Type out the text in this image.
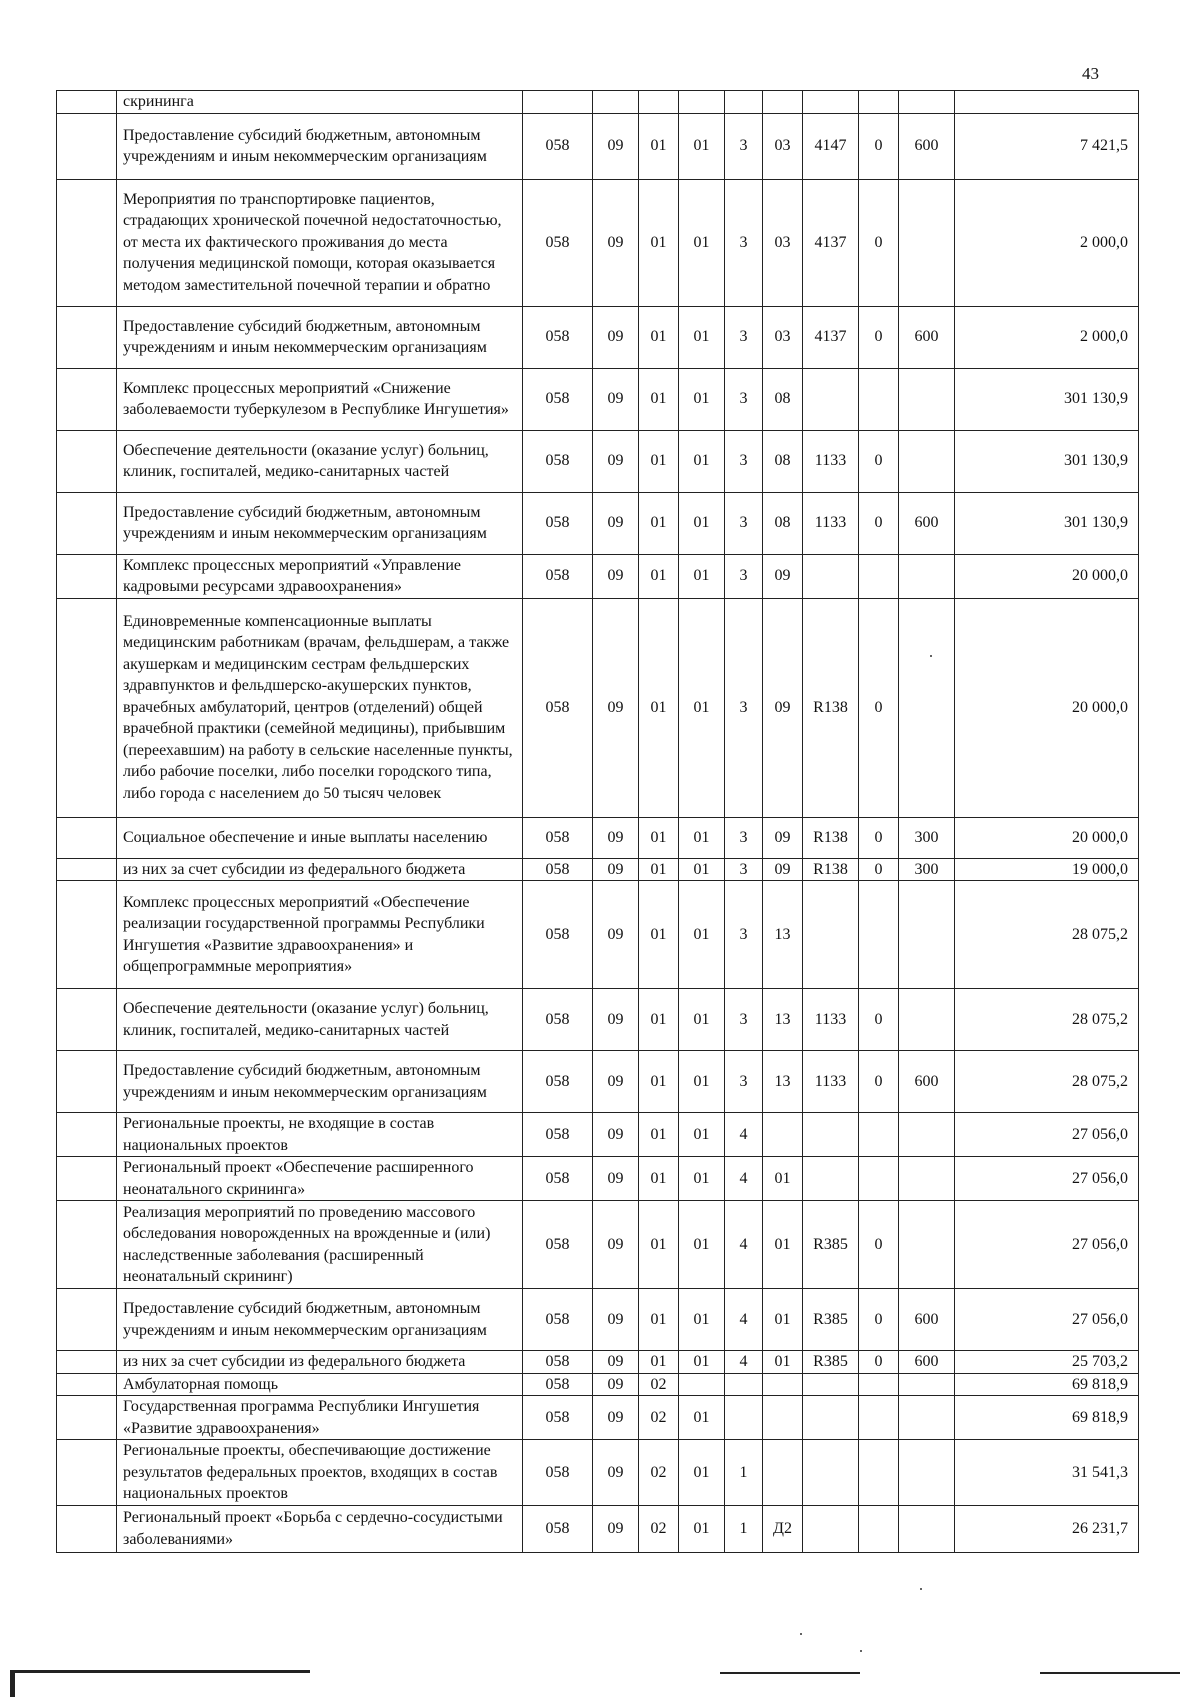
43
	скрининга										
	Предоставление субсидий бюджетным, автономным учреждениям и иным некоммерческим организациям	058	09	01	01	3	03	4147	0	600	7 421,5
	Мероприятия по транспортировке пациентов, страдающих хронической почечной недостаточностью, от места их фактического проживания до места получения медицинской помощи, которая оказывается методом заместительной почечной терапии и обратно	058	09	01	01	3	03	4137	0		2 000,0
	Предоставление субсидий бюджетным, автономным учреждениям и иным некоммерческим организациям	058	09	01	01	3	03	4137	0	600	2 000,0
	Комплекс процессных мероприятий «Снижение заболеваемости туберкулезом в Республике Ингушетия»	058	09	01	01	3	08				301 130,9
	Обеспечение деятельности (оказание услуг) больниц, клиник, госпиталей, медико-санитарных частей	058	09	01	01	3	08	1133	0		301 130,9
	Предоставление субсидий бюджетным, автономным учреждениям и иным некоммерческим организациям	058	09	01	01	3	08	1133	0	600	301 130,9
	Комплекс процессных мероприятий «Управление кадровыми ресурсами здравоохранения»	058	09	01	01	3	09				20 000,0
	Единовременные компенсационные выплаты медицинским работникам (врачам, фельдшерам, а также акушеркам и медицинским сестрам фельдшерских здравпунктов и фельдшерско-акушерских пунктов, врачебных амбулаторий, центров (отделений) общей врачебной практики (семейной медицины), прибывшим (переехавшим) на работу в сельские населенные пункты, либо рабочие поселки, либо поселки городского типа, либо города с населением до 50 тысяч человек	058	09	01	01	3	09	R138	0		20 000,0
	Социальное обеспечение и иные выплаты населению	058	09	01	01	3	09	R138	0	300	20 000,0
	из них за счет субсидии из федерального бюджета	058	09	01	01	3	09	R138	0	300	19 000,0
	Комплекс процессных мероприятий «Обеспечение реализации государственной программы Республики Ингушетия «Развитие здравоохранения» и общепрограммные мероприятия»	058	09	01	01	3	13				28 075,2
	Обеспечение деятельности (оказание услуг) больниц, клиник, госпиталей, медико-санитарных частей	058	09	01	01	3	13	1133	0		28 075,2
	Предоставление субсидий бюджетным, автономным учреждениям и иным некоммерческим организациям	058	09	01	01	3	13	1133	0	600	28 075,2
	Региональные проекты, не входящие в состав национальных проектов	058	09	01	01	4					27 056,0
	Региональный проект «Обеспечение расширенного неонатального скрининга»	058	09	01	01	4	01				27 056,0
	Реализация мероприятий по проведению массового обследования новорожденных на врожденные и (или) наследственные заболевания (расширенный неонатальный скрининг)	058	09	01	01	4	01	R385	0		27 056,0
	Предоставление субсидий бюджетным, автономным учреждениям и иным некоммерческим организациям	058	09	01	01	4	01	R385	0	600	27 056,0
	из них за счет субсидии из федерального бюджета	058	09	01	01	4	01	R385	0	600	25 703,2
	Амбулаторная помощь	058	09	02							69 818,9
	Государственная программа Республики Ингушетия «Развитие здравоохранения»	058	09	02	01						69 818,9
	Региональные проекты, обеспечивающие достижение результатов федеральных проектов, входящих в состав национальных проектов	058	09	02	01	1					31 541,3
	Региональный проект «Борьба с сердечно-сосудистыми заболеваниями»	058	09	02	01	1	Д2				26 231,7
